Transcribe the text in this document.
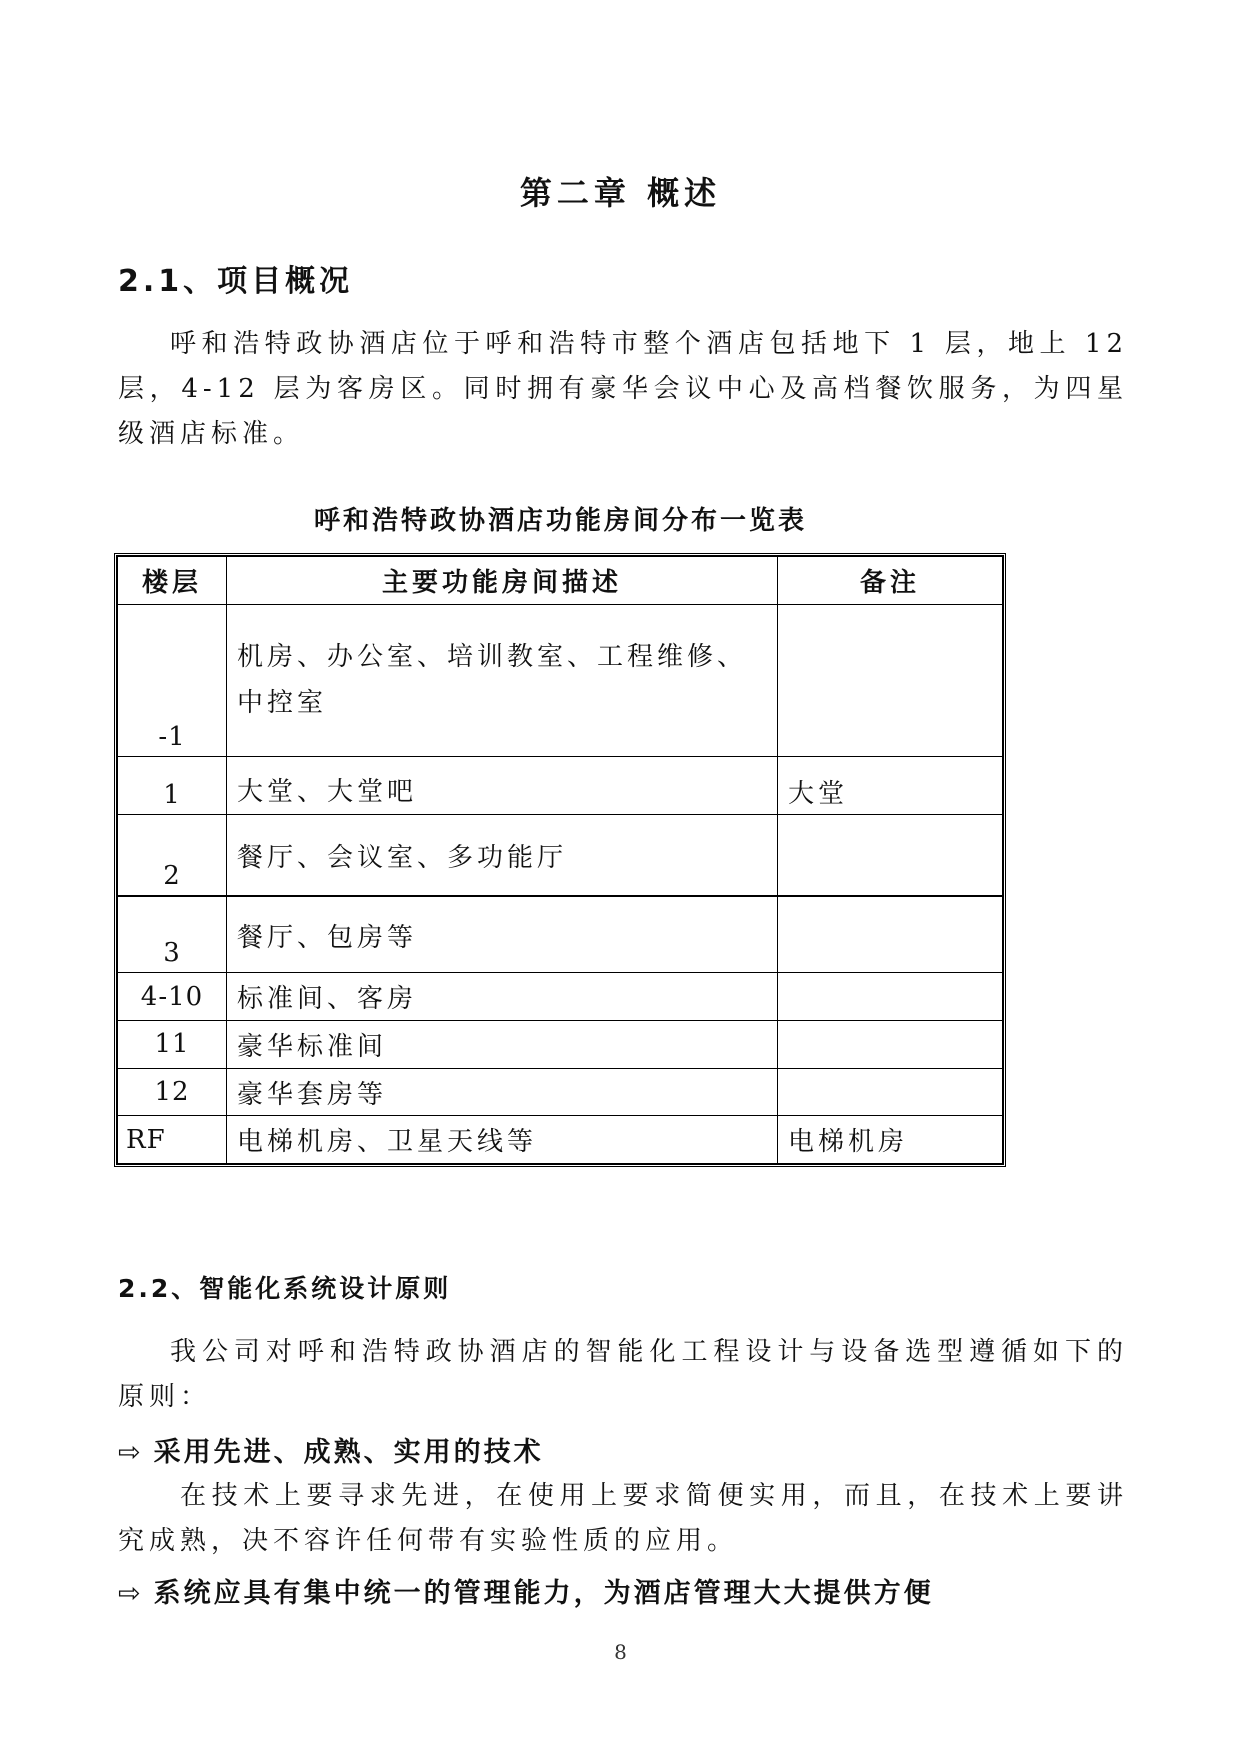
第二章 概述
2.1、项目概况
呼和浩特政协酒店位于呼和浩特市整个酒店包括地下 1 层，地上 12 层，4-12 层为客房区。同时拥有豪华会议中心及高档餐饮服务，为四星级酒店标准。
呼和浩特政协酒店功能房间分布一览表
楼层	主要功能房间描述	备注
-1	机房、办公室、培训教室、工程维修、中控室	
1	大堂、大堂吧	大堂
2	餐厅、会议室、多功能厅	
3	餐厅、包房等	
4-10	标准间、客房	
11	豪华标准间	
12	豪华套房等	
RF	电梯机房、卫星天线等	电梯机房
2.2、智能化系统设计原则
我公司对呼和浩特政协酒店的智能化工程设计与设备选型遵循如下的原则：
⇨ 采用先进、成熟、实用的技术
在技术上要寻求先进，在使用上要求简便实用，而且，在技术上要讲究成熟，决不容许任何带有实验性质的应用。
⇨ 系统应具有集中统一的管理能力，为酒店管理大大提供方便
8
